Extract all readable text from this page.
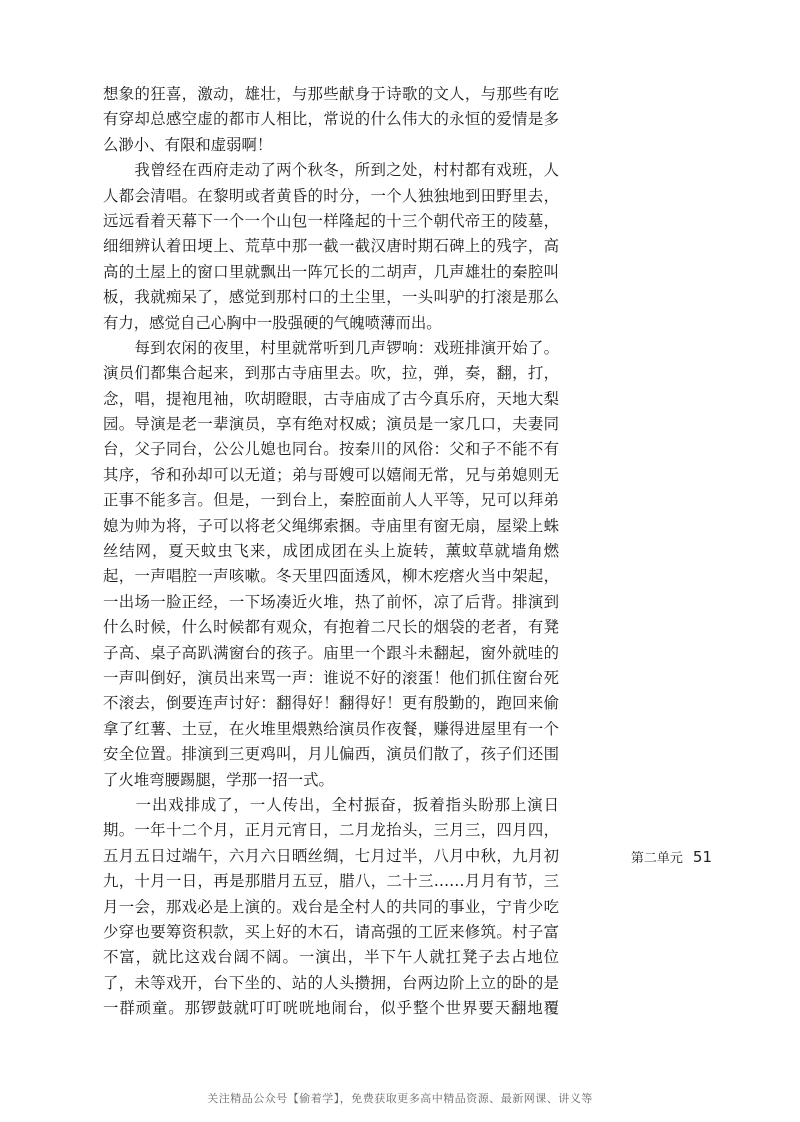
想象的狂喜，激动，雄壮，与那些献身于诗歌的文人，与那些有吃
有穿却总感空虚的都市人相比，常说的什么伟大的永恒的爱情是多
么渺小、有限和虚弱啊！
　　我曾经在西府走动了两个秋冬，所到之处，村村都有戏班，人
人都会清唱。在黎明或者黄昏的时分，一个人独独地到田野里去，
远远看着天幕下一个一个山包一样隆起的十三个朝代帝王的陵墓，
细细辨认着田埂上、荒草中那一截一截汉唐时期石碑上的残字，高
高的土屋上的窗口里就飘出一阵冗长的二胡声，几声雄壮的秦腔叫
板，我就痴呆了，感觉到那村口的土尘里，一头叫驴的打滚是那么
有力，感觉自己心胸中一股强硬的气魄喷薄而出。
　　每到农闲的夜里，村里就常听到几声锣响：戏班排演开始了。
演员们都集合起来，到那古寺庙里去。吹，拉，弹，奏，翻，打，
念，唱，提袍甩袖，吹胡瞪眼，古寺庙成了古今真乐府，天地大梨
园。导演是老一辈演员，享有绝对权威；演员是一家几口，夫妻同
台，父子同台，公公儿媳也同台。按秦川的风俗：父和子不能不有
其序，爷和孙却可以无道；弟与哥嫂可以嬉闹无常，兄与弟媳则无
正事不能多言。但是，一到台上，秦腔面前人人平等，兄可以拜弟
媳为帅为将，子可以将老父绳绑索捆。寺庙里有窗无扇，屋梁上蛛
丝结网，夏天蚊虫飞来，成团成团在头上旋转，薰蚊草就墙角燃
起，一声唱腔一声咳嗽。冬天里四面透风，柳木疙瘩火当中架起，
一出场一脸正经，一下场凑近火堆，热了前怀，凉了后背。排演到
什么时候，什么时候都有观众，有抱着二尺长的烟袋的老者，有凳
子高、桌子高趴满窗台的孩子。庙里一个跟斗未翻起，窗外就哇的
一声叫倒好，演员出来骂一声：谁说不好的滚蛋！他们抓住窗台死
不滚去，倒要连声讨好：翻得好！翻得好！更有殷勤的，跑回来偷
拿了红薯、土豆，在火堆里煨熟给演员作夜餐，赚得进屋里有一个
安全位置。排演到三更鸡叫，月儿偏西，演员们散了，孩子们还围
了火堆弯腰踢腿，学那一招一式。
　　一出戏排成了，一人传出，全村振奋，扳着指头盼那上演日
期。一年十二个月，正月元宵日，二月龙抬头，三月三，四月四，
五月五日过端午，六月六日晒丝绸，七月过半，八月中秋，九月初
九，十月一日，再是那腊月五豆，腊八，二十三……月月有节，三
月一会，那戏必是上演的。戏台是全村人的共同的事业，宁肯少吃
少穿也要筹资积款，买上好的木石，请高强的工匠来修筑。村子富
不富，就比这戏台阔不阔。一演出，半下午人就扛凳子去占地位
了，未等戏开，台下坐的、站的人头攒拥，台两边阶上立的卧的是
一群顽童。那锣鼓就叮叮咣咣地闹台，似乎整个世界要天翻地覆
第二单元 51
关注精品公众号【偷着学】，免费获取更多高中精品资源、最新网课、讲义等
